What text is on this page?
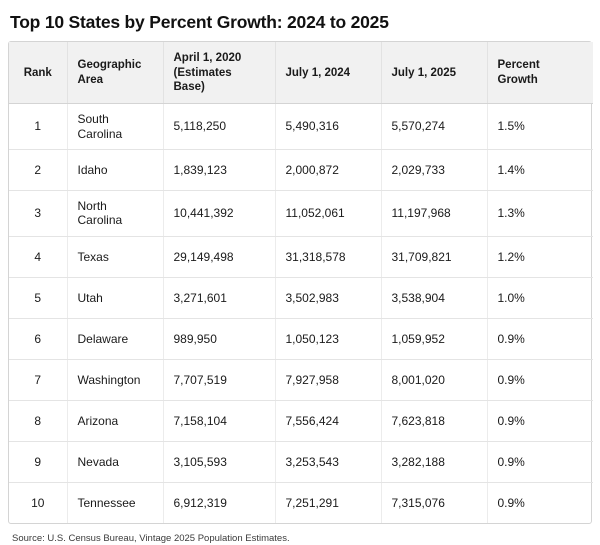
Top 10 States by Percent Growth: 2024 to 2025
Rank	Geographic Area	April 1, 2020 (Estimates Base)	July 1, 2024	July 1, 2025	Percent Growth
1	South Carolina	5,118,250	5,490,316	5,570,274	1.5%
2	Idaho	1,839,123	2,000,872	2,029,733	1.4%
3	North Carolina	10,441,392	11,052,061	11,197,968	1.3%
4	Texas	29,149,498	31,318,578	31,709,821	1.2%
5	Utah	3,271,601	3,502,983	3,538,904	1.0%
6	Delaware	989,950	1,050,123	1,059,952	0.9%
7	Washington	7,707,519	7,927,958	8,001,020	0.9%
8	Arizona	7,158,104	7,556,424	7,623,818	0.9%
9	Nevada	3,105,593	3,253,543	3,282,188	0.9%
10	Tennessee	6,912,319	7,251,291	7,315,076	0.9%
Source: U.S. Census Bureau, Vintage 2025 Population Estimates.
